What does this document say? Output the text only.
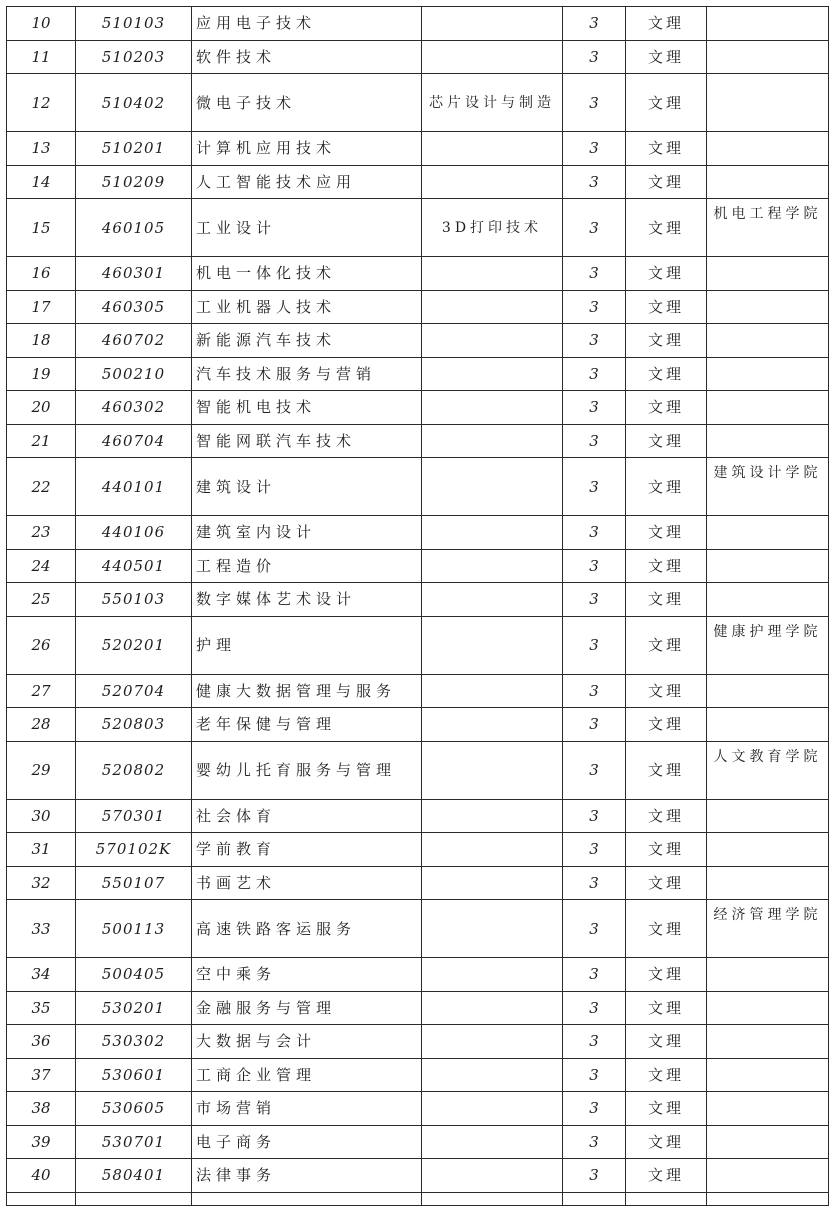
10	510103	应用电子技术		3	文理	
11	510203	软件技术		3	文理	
12	510402	微电子技术	芯片设计与制造	3	文理	
13	510201	计算机应用技术		3	文理	
14	510209	人工智能技术应用		3	文理	
15	460105	工业设计	3D打印技术	3	文理	机电工程学院
16	460301	机电一体化技术		3	文理	
17	460305	工业机器人技术		3	文理	
18	460702	新能源汽车技术		3	文理	
19	500210	汽车技术服务与营销		3	文理	
20	460302	智能机电技术		3	文理	
21	460704	智能网联汽车技术		3	文理	
22	440101	建筑设计		3	文理	建筑设计学院
23	440106	建筑室内设计		3	文理	
24	440501	工程造价		3	文理	
25	550103	数字媒体艺术设计		3	文理	
26	520201	护理		3	文理	健康护理学院
27	520704	健康大数据管理与服务		3	文理	
28	520803	老年保健与管理		3	文理	
29	520802	婴幼儿托育服务与管理		3	文理	人文教育学院
30	570301	社会体育		3	文理	
31	570102K	学前教育		3	文理	
32	550107	书画艺术		3	文理	
33	500113	高速铁路客运服务		3	文理	经济管理学院
34	500405	空中乘务		3	文理	
35	530201	金融服务与管理		3	文理	
36	530302	大数据与会计		3	文理	
37	530601	工商企业管理		3	文理	
38	530605	市场营销		3	文理	
39	530701	电子商务		3	文理	
40	580401	法律事务		3	文理	
